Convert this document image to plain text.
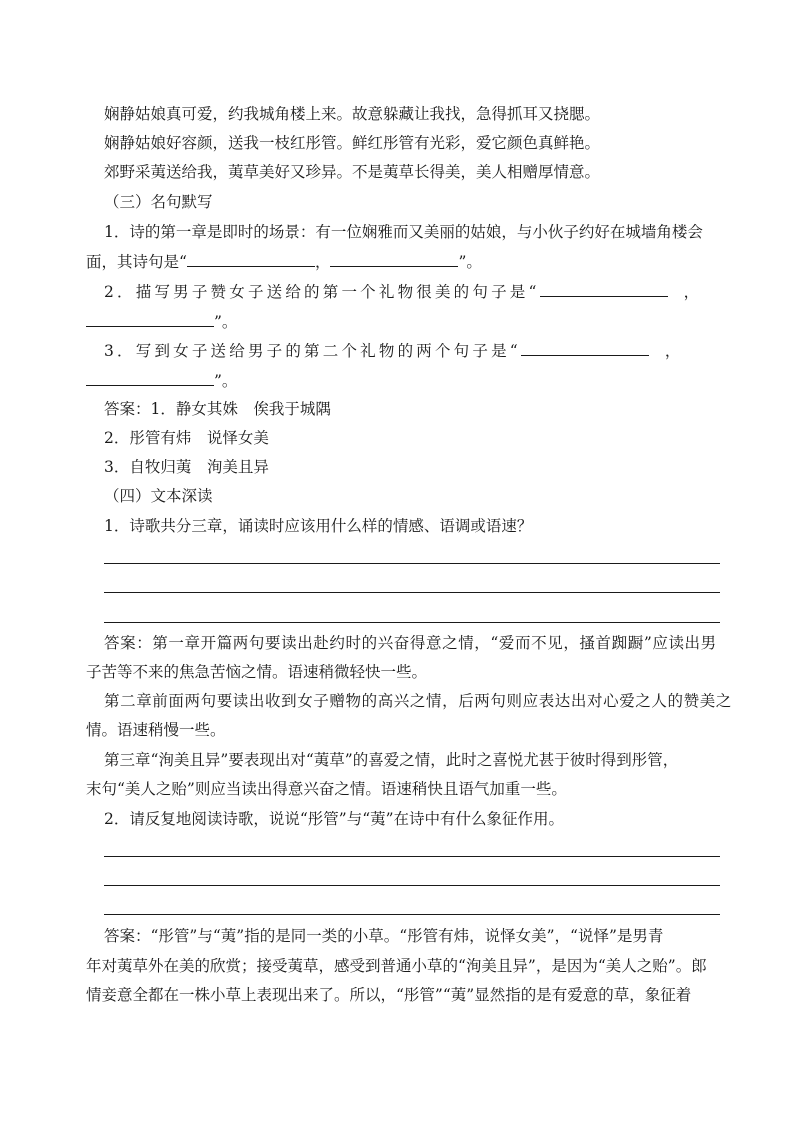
娴静姑娘真可爱，约我城角楼上来。故意躲藏让我找，急得抓耳又挠腮。
娴静姑娘好容颜，送我一枝红彤管。鲜红彤管有光彩，爱它颜色真鲜艳。
郊野采荑送给我，荑草美好又珍异。不是荑草长得美，美人相赠厚情意。
（三）名句默写
1．诗的第一章是即时的场景：有一位娴雅而又美丽的姑娘，与小伙子约好在城墙角楼会
面，其诗句是“	，	”。
2．描写男子赞女子送给的第一个礼物很美的句子是“	，
”。
3．写到女子送给男子的第二个礼物的两个句子是“	，
”。
答案：1．静女其姝　俟我于城隅
2．彤管有炜　说怿女美
3．自牧归荑　洵美且异
（四）文本深读
1．诗歌共分三章，诵读时应该用什么样的情感、语调或语速？
答案：第一章开篇两句要读出赴约时的兴奋得意之情，“爱而不见，搔首踟蹰”应读出男
子苦等不来的焦急苦恼之情。语速稍微轻快一些。
第二章前面两句要读出收到女子赠物的高兴之情，后两句则应表达出对心爱之人的赞美之
情。语速稍慢一些。
第三章“洵美且异”要表现出对“荑草”的喜爱之情，此时之喜悦尤甚于彼时得到彤管，
末句“美人之贻”则应当读出得意兴奋之情。语速稍快且语气加重一些。
2．请反复地阅读诗歌，说说“彤管”与“荑”在诗中有什么象征作用。
答案：“彤管”与“荑”指的是同一类的小草。“彤管有炜，说怿女美”，“说怿”是男青
年对荑草外在美的欣赏；接受荑草，感受到普通小草的“洵美且异”，是因为“美人之贻”。郎
情妾意全都在一株小草上表现出来了。所以，“彤管”“荑”显然指的是有爱意的草，象征着
